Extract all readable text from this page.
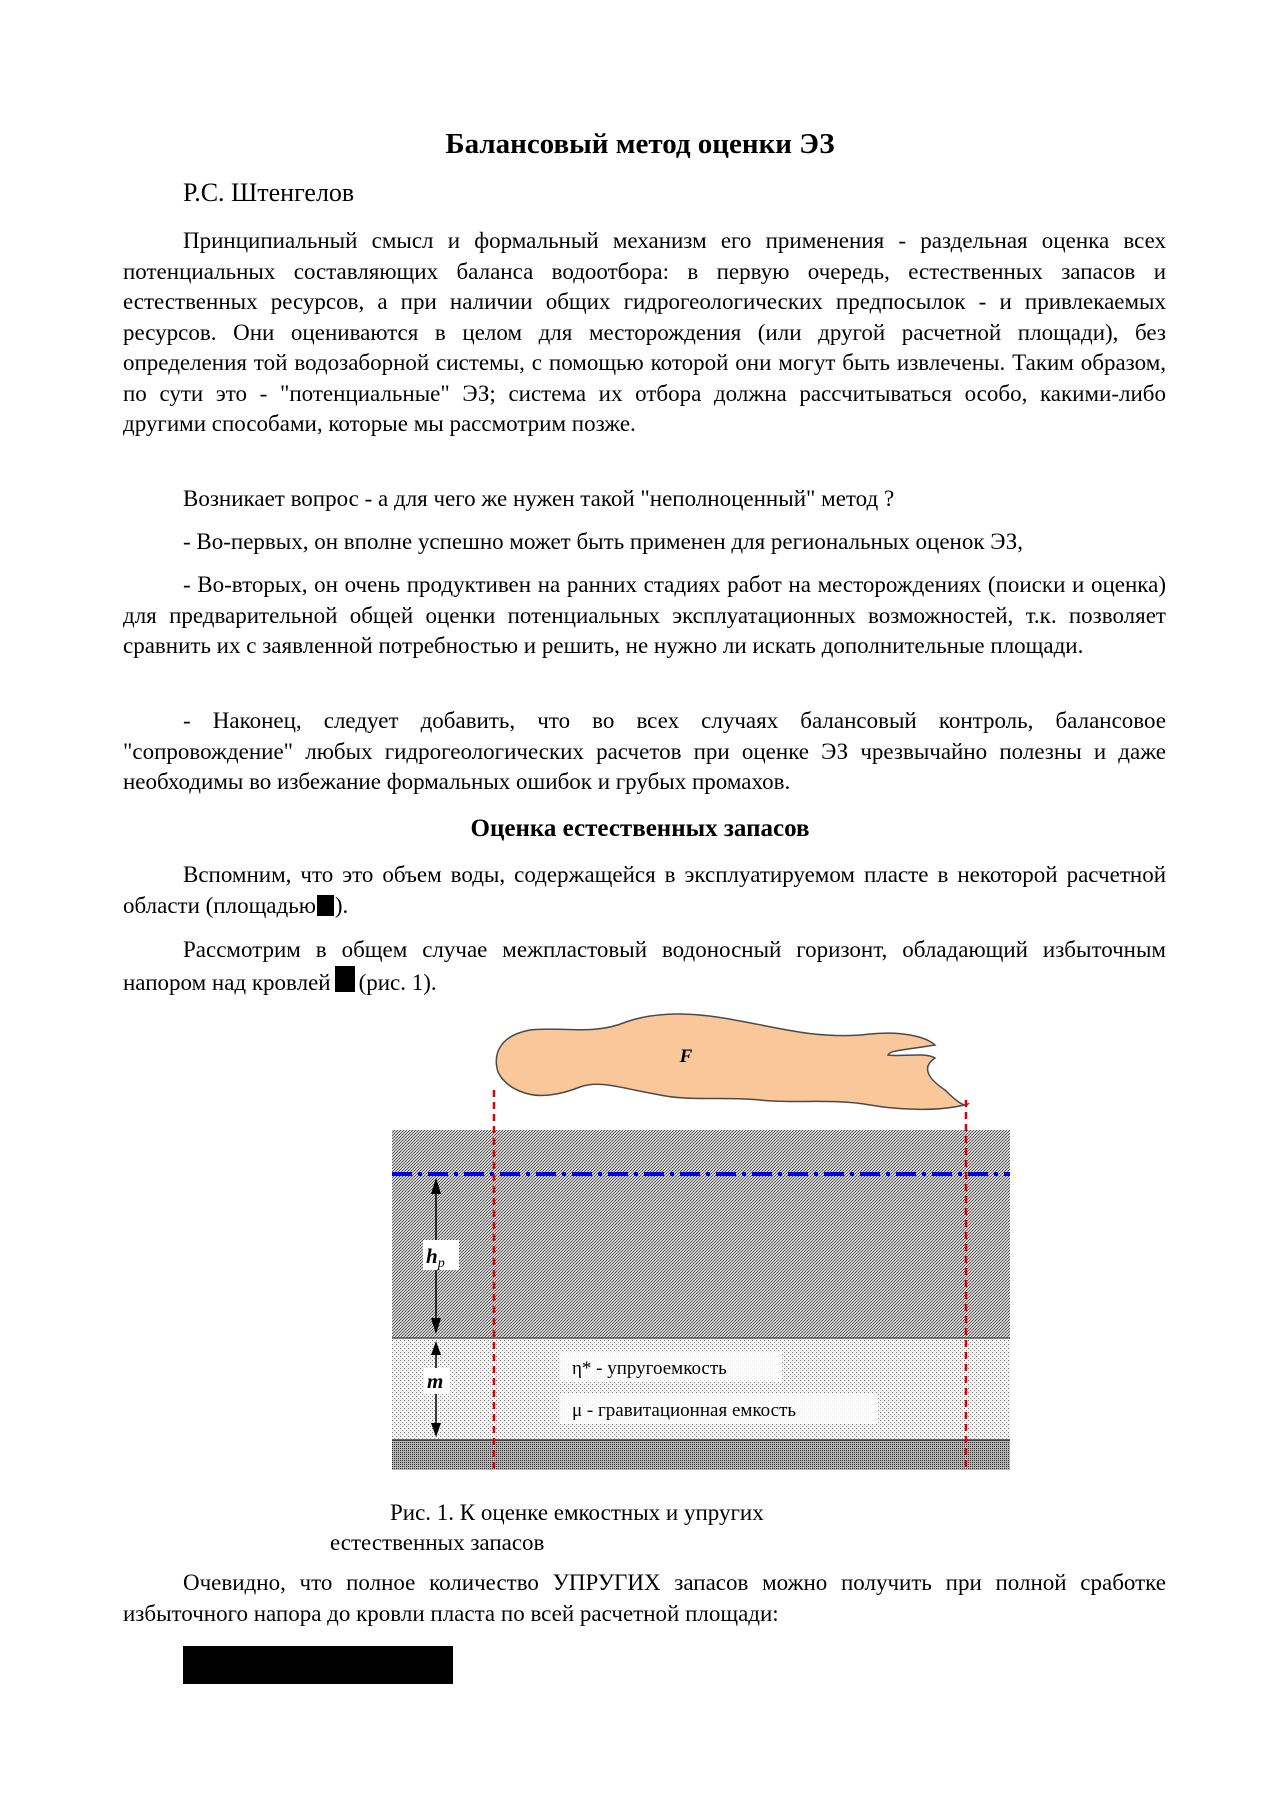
Балансовый метод оценки ЭЗ

Р.С. Штенгелов

Принципиальный смысл и формальный механизм его применения - раздельная оценка всех потенциальных составляющих баланса водоотбора: в первую очередь, естественных запасов и естественных ресурсов, а при наличии общих гидрогеологических предпосылок - и привлекаемых ресурсов. Они оцениваются в целом для месторождения (или другой расчетной площади), без определения той водозаборной системы, с помощью которой они могут быть извлечены. Таким образом, по сути это - "потенциальные" ЭЗ; система их отбора должна рассчитываться особо, какими-либо другими способами, которые мы рассмотрим позже.

Возникает вопрос - а для чего же нужен такой "неполноценный" метод ?

- Во-первых, он вполне успешно может быть применен для региональных оценок ЭЗ,

- Во-вторых, он очень продуктивен на ранних стадиях работ на месторождениях (поиски и оценка) для предварительной общей оценки потенциальных эксплуатационных возможностей, т.к. позволяет сравнить их с заявленной потребностью и решить, не нужно ли искать дополнительные площади.

- Наконец, следует добавить, что во всех случаях балансовый контроль, балансовое "сопровождение" любых гидрогеологических расчетов при оценке ЭЗ чрезвычайно полезны и даже необходимы во избежание формальных ошибок и грубых промахов.

Оценка естественных запасов

Вспомним, что это объем воды, содержащейся в эксплуатируемом пласте в некоторой расчетной области (площадью ).

Рассмотрим в общем случае межпластовый водоносный горизонт, обладающий избыточным напором над кровлей (рис. 1).

F
hp
m
η* - упругоемкость
μ - гравитационная емкость

Рис. 1. К оценке емкостных и упругих
естественных запасов

Очевидно, что полное количество УПРУГИХ запасов можно получить при полной сработке избыточного напора до кровли пласта по всей расчетной площади:
